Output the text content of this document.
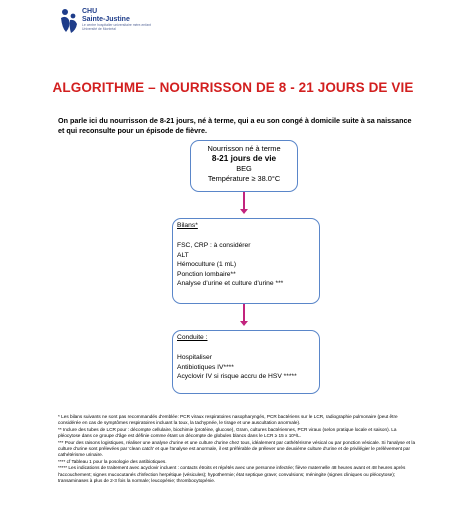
CHU
Sainte-Justine
Le centre hospitalier universitaire mère-enfant
Université de Montréal
ALGORITHME – NOURRISSON DE 8 - 21 JOURS DE VIE
On parle ici du nourrisson de 8-21 jours, né à terme, qui a eu son congé à domicile suite à sa naissance et qui reconsulte pour un épisode de fièvre.
Nourrisson né à terme
8-21 jours de vie
BEG
Température ≥ 38.0°C
Bilans*
FSC, CRP : à considérer
ALT
Hémoculture (1 mL)
Ponction lombaire**
Analyse d'urine et culture d'urine ***
Conduite :
Hospitaliser
Antibiotiques IV****
Acyclovir IV si risque accru de HSV *****
* Les bilans suivants ne sont pas recommandés d'emblée: PCR viraux respiratoires nasopharyngés, PCR bactériens sur le LCR, radiographie pulmonaire (peut être considérée en cas de symptômes respiratoires incluant la toux, la tachypnée, le tirage et une auscultation anormale).
** Inclure des tubes de LCR pour : décompte cellulaire, biochimie (protéine, glucose), Gram, cultures bactériennes, PCR viraux (selon pratique locale et saison). La pléocytose dans ce groupe d'âge est définie comme étant un décompte de globules blancs dans le LCR ≥ 15 x 10⁶/L.
*** Pour des raisons logistiques, réaliser une analyse d'urine et une culture d'urine chez tous, idéalement par cathétérisme vésical ou par ponction vésicale. Si l'analyse et la culture d'urine sont prélevées par 'clean catch' et que l'analyse est anormale, il est préférable de prélever une deuxième culture d'urine et de privilégier le prélèvement par cathétérisme urinaire.
**** cf Tableau 1 pour la posologie des antibiotiques.
***** Les indications de traitement avec acyclovir incluent : contacts étroits et répétés avec une personne infectée; fièvre maternelle 48 heures avant et 48 heures après l'accouchement; signes mucocutanés d'infection herpétique (vésicules); hypothermie; état septique grave; convulsions; méningite (signes cliniques ou pléocytose); transaminases à plus de 2-3 fois la normale; leucopénie; thrombocytopénie.
